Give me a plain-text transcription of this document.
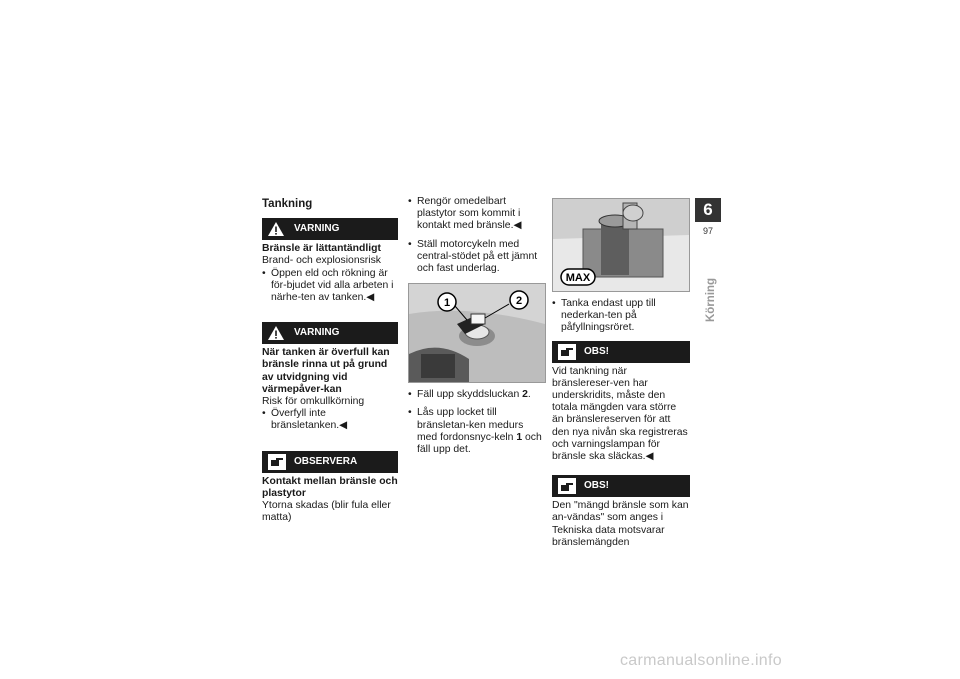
Tankning
VARNING

Bränsle är lättantändligt

Brand- och explosionsrisk

• Öppen eld och rökning är för-bjudet vid alla arbeten i närhe-ten av tanken.◀
VARNING

När tanken är överfull kan bränsle rinna ut på grund av utvidgning vid värmepåver-kan

Risk för omkullkörning

• Överfyll inte bränsletanken.◀
OBSERVERA

Kontakt mellan bränsle och plastytor

Ytorna skadas (blir fula eller matta)

• Rengör omedelbart plastytor som kommit i kontakt med bränsle.◀
• Ställ motorcykeln med central-stödet på ett jämnt och fast underlag.
1	2
• Fäll upp skyddsluckan 2.
• Lås upp locket till bränsletan-ken medurs med fordonsnyc-keln 1 och fäll upp det.
MAX
• Tanka endast upp till nederkan-ten på påfyllningsröret.
OBS!

Vid tankning när bränslereser-ven har underskridits, måste den totala mängden vara större än bränslereserven för att den nya nivån ska registreras och varningslampan för bränsle ska släckas.◀

OBS!

Den "mängd bränsle som kan an-vändas" som anges i Tekniska data motsvarar bränslemängden

6
97
Körning
carmanualsonline.info
